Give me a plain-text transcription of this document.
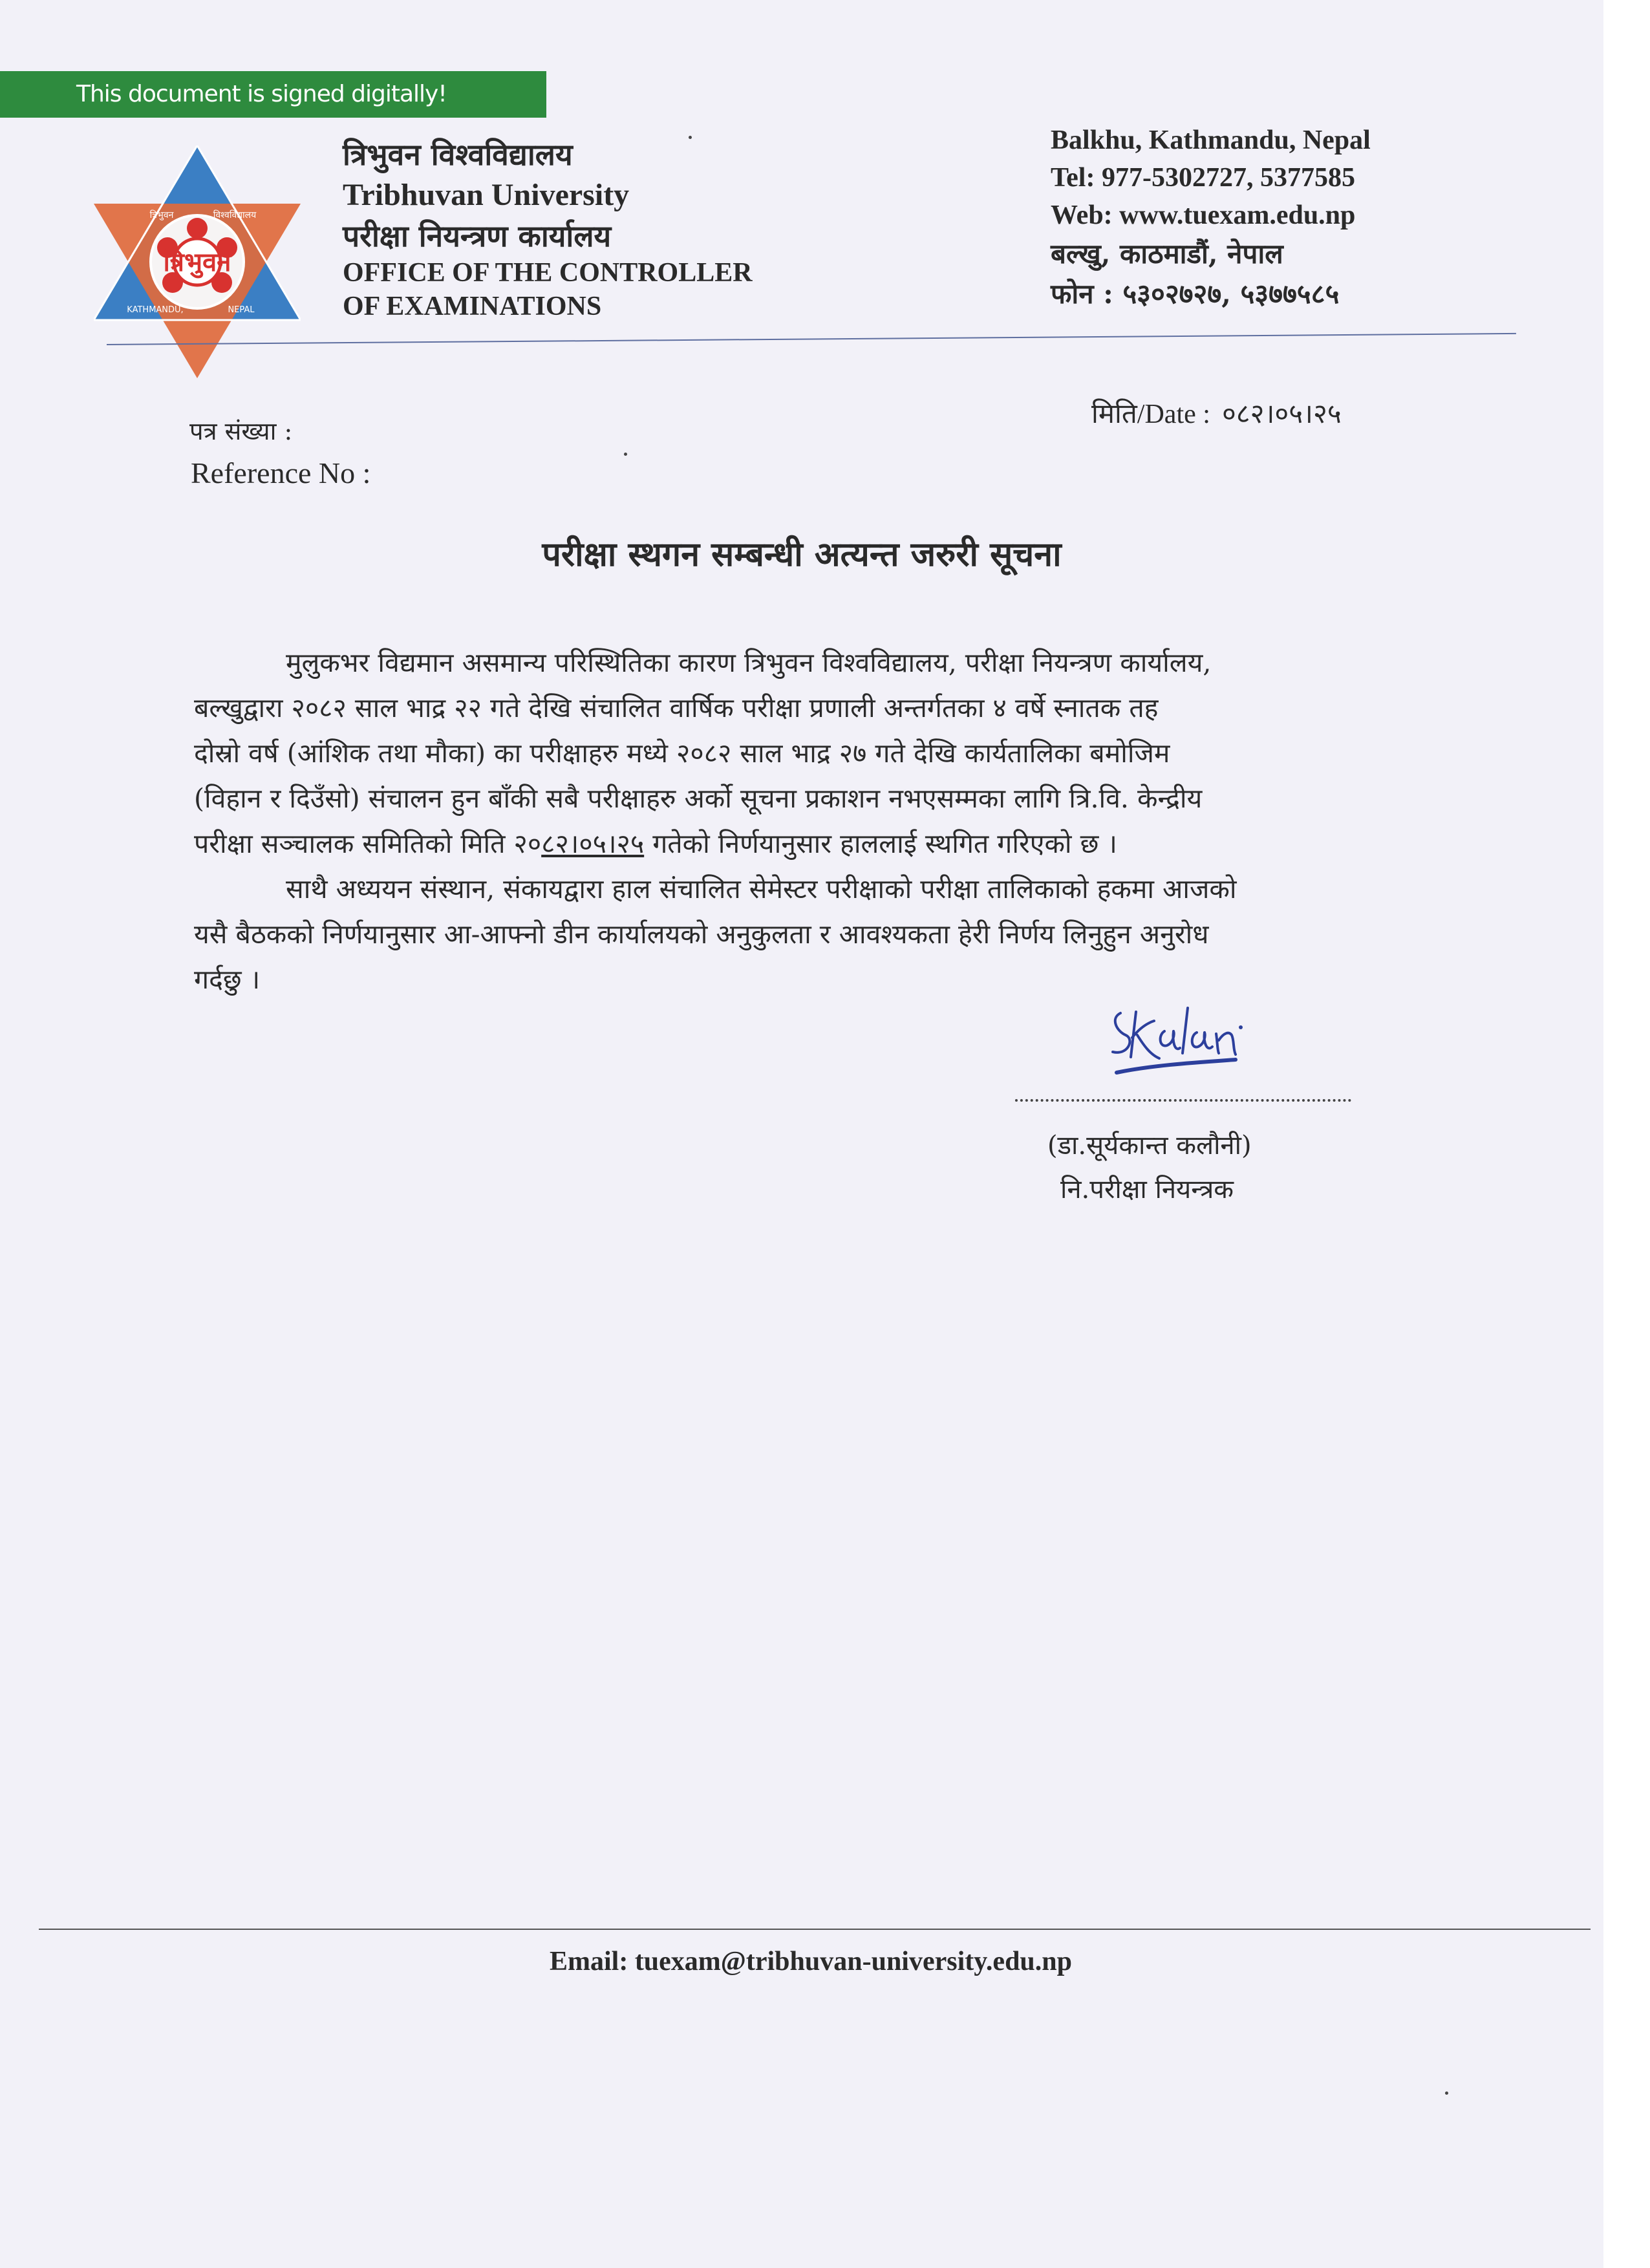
This document is signed digitally!
त्रिभुवन
त्रिभुवन	विश्वविद्यालय
KATHMANDU,	NEPAL
त्रिभुवन विश्वविद्यालय
Tribhuvan University
परीक्षा नियन्त्रण कार्यालय
OFFICE OF THE CONTROLLER
OF EXAMINATIONS
Balkhu, Kathmandu, Nepal
Tel: 977-5302727, 5377585
Web: www.tuexam.edu.np
बल्खु, काठमाडौं, नेपाल
फोन : ५३०२७२७, ५३७७५८५
मिति/Date : ०८२।०५।२५
पत्र संख्या :
Reference No :
परीक्षा स्थगन सम्बन्धी अत्यन्त जरुरी सूचना
मुलुकभर विद्यमान असमान्य परिस्थितिका कारण त्रिभुवन विश्वविद्यालय, परीक्षा नियन्त्रण कार्यालय,
बल्खुद्वारा २०८२ साल भाद्र २२ गते देखि संचालित वार्षिक परीक्षा प्रणाली अन्तर्गतका ४ वर्षे स्नातक तह
दोस्रो वर्ष (आंशिक तथा मौका) का परीक्षाहरु मध्ये २०८२ साल भाद्र २७ गते देखि कार्यतालिका बमोजिम
(विहान र दिउँसो) संचालन हुन बाँकी सबै परीक्षाहरु अर्को सूचना प्रकाशन नभएसम्मका लागि त्रि.वि. केन्द्रीय
परीक्षा सञ्चालक समितिको मिति २०८२।०५।२५ गतेको निर्णयानुसार हाललाई स्थगित गरिएको छ ।
साथै अध्ययन संस्थान, संकायद्वारा हाल संचालित सेमेस्टर परीक्षाको परीक्षा तालिकाको हकमा आजको
यसै बैठकको निर्णयानुसार आ-आफ्नो डीन कार्यालयको अनुकुलता र आवश्यकता हेरी निर्णय लिनुहुन अनुरोध
गर्दछु ।	S.K.Kalani
(डा.सूर्यकान्त कलौनी)
नि.परीक्षा नियन्त्रक
Email: tuexam@tribhuvan-university.edu.np
